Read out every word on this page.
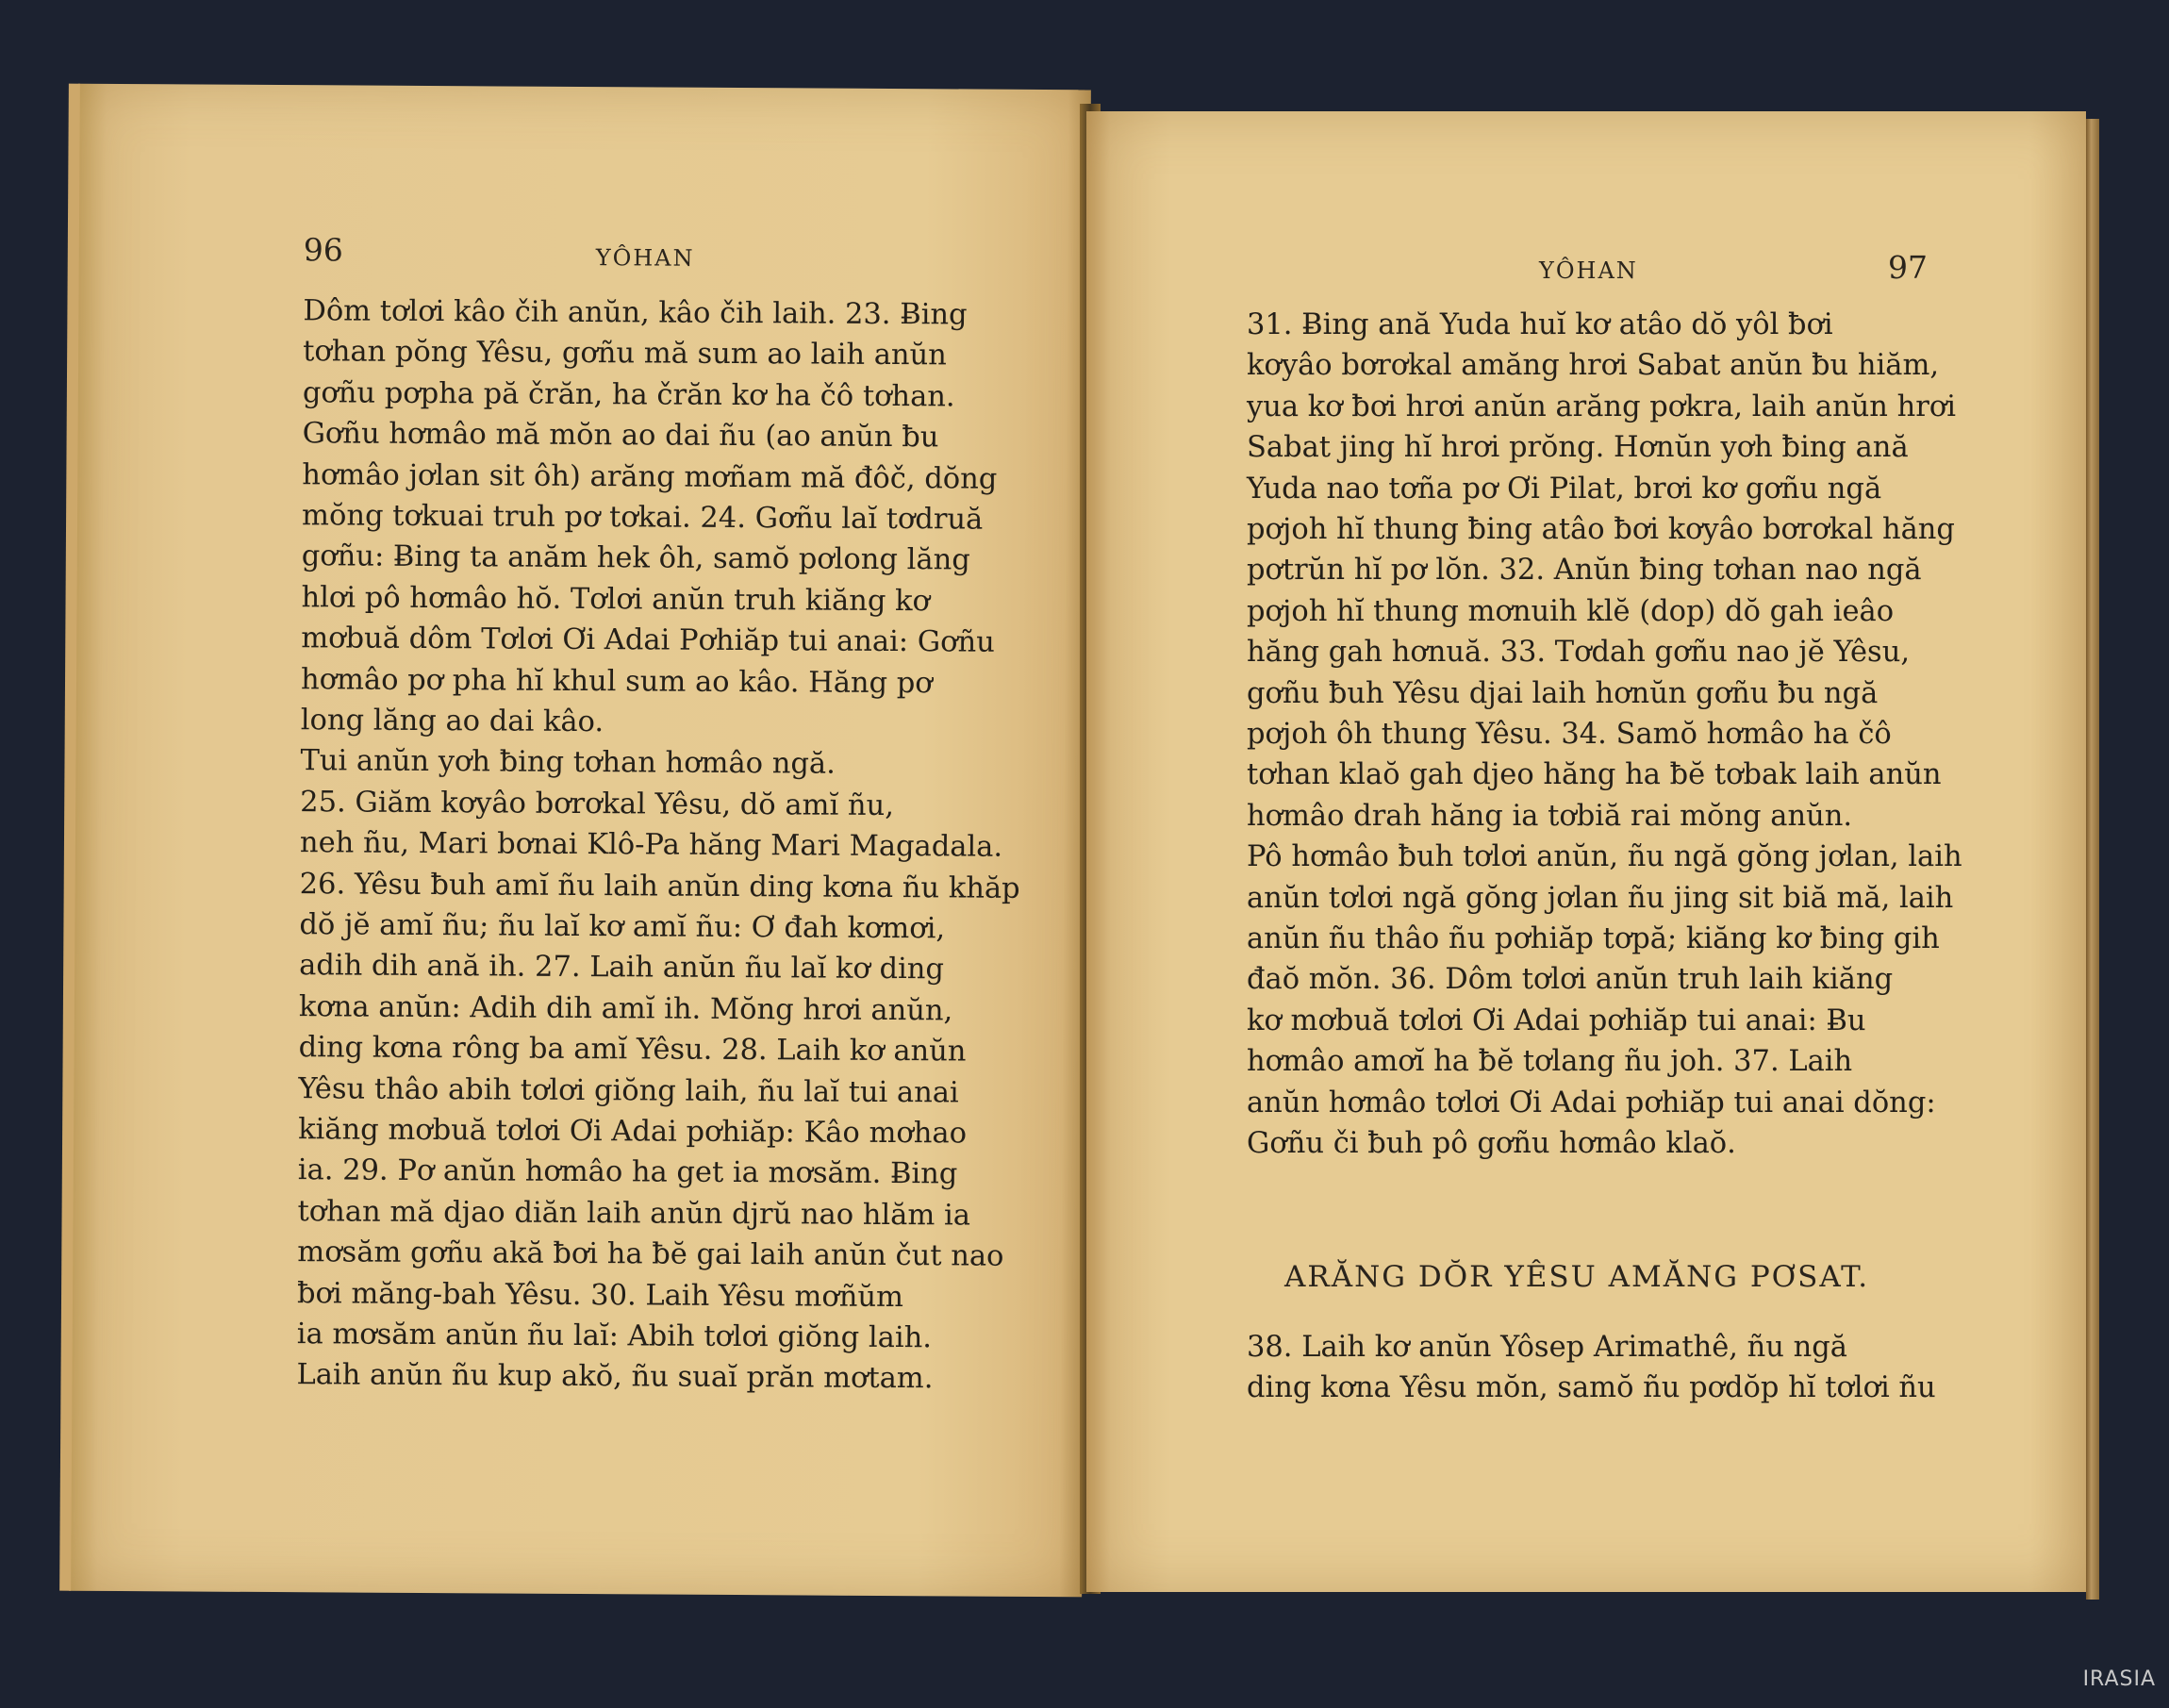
96	YÔHAN
Dôm tơlơi kâo čih anŭn, kâo čih laih. 23. Ƀing
tơhan pŏng Yêsu, gơñu mă sum ao laih anŭn
gơñu pơpha pă črăn, ha črăn kơ ha čô tơhan.
Gơñu hơmâo mă mŏn ao dai ñu (ao anŭn ƀu
hơmâo jơlan sit ôh) arăng mơñam mă đôč, dŏng
mŏng tơkuai truh pơ tơkai. 24. Gơñu laĭ tơdruă
gơñu: Ƀing ta anăm hek ôh, samŏ pơlong lăng
hlơi pô hơmâo hŏ. Tơlơi anŭn truh kiăng kơ
mơbuă dôm Tơlơi Ơi Adai Pơhiăp tui anai: Gơñu
hơmâo pơ pha hĭ khul sum ao kâo. Hăng pơ
long lăng ao dai kâo.
Tui anŭn yơh ƀing tơhan hơmâo ngă.
25. Giăm kơyâo bơrơkal Yêsu, dŏ amĭ ñu,
neh ñu, Mari bơnai Klô-Pa hăng Mari Magadala.
26. Yêsu ƀuh amĭ ñu laih anŭn ding kơna ñu khăp
dŏ jĕ amĭ ñu; ñu laĭ kơ amĭ ñu: Ơ đah kơmơi,
adih dih ană ih. 27. Laih anŭn ñu laĭ kơ ding
kơna anŭn: Adih dih amĭ ih. Mŏng hrơi anŭn,
ding kơna rông ba amĭ Yêsu. 28. Laih kơ anŭn
Yêsu thâo abih tơlơi giŏng laih, ñu laĭ tui anai
kiăng mơbuă tơlơi Ơi Adai pơhiăp: Kâo mơhao
ia. 29. Pơ anŭn hơmâo ha get ia mơsăm. Ƀing
tơhan mă djao diăn laih anŭn djrŭ nao hlăm ia
mơsăm gơñu akă ƀơi ha ƀĕ gai laih anŭn čut nao
ƀơi măng-bah Yêsu. 30. Laih Yêsu mơñŭm
ia mơsăm anŭn ñu laĭ: Abih tơlơi giŏng laih.
Laih anŭn ñu kup akŏ, ñu suaĭ prăn mơtam.
YÔHAN	97
31. Ƀing ană Yuda huĭ kơ atâo dŏ yôl ƀơi
kơyâo bơrơkal amăng hrơi Sabat anŭn ƀu hiăm,
yua kơ ƀơi hrơi anŭn arăng pơkra, laih anŭn hrơi
Sabat jing hĭ hrơi prŏng. Hơnŭn yơh ƀing ană
Yuda nao tơña pơ Ơi Pilat, brơi kơ gơñu ngă
pơjoh hĭ thung ƀing atâo ƀơi kơyâo bơrơkal hăng
pơtrŭn hĭ pơ lŏn. 32. Anŭn ƀing tơhan nao ngă
pơjoh hĭ thung mơnuih klĕ (dop) dŏ gah ieâo
hăng gah hơnuă. 33. Tơdah gơñu nao jĕ Yêsu,
gơñu ƀuh Yêsu djai laih hơnŭn gơñu ƀu ngă
pơjoh ôh thung Yêsu. 34. Samŏ hơmâo ha čô
tơhan klaŏ gah djeo hăng ha ƀĕ tơbak laih anŭn
hơmâo drah hăng ia tơbiă rai mŏng anŭn.
Pô hơmâo ƀuh tơlơi anŭn, ñu ngă gŏng jơlan, laih
anŭn tơlơi ngă gŏng jơlan ñu jing sit biă mă, laih
anŭn ñu thâo ñu pơhiăp tơpă; kiăng kơ ƀing gih
đaŏ mŏn. 36. Dôm tơlơi anŭn truh laih kiăng
kơ mơbuă tơlơi Ơi Adai pơhiăp tui anai: Ƀu
hơmâo amơĭ ha ƀĕ tơlang ñu joh. 37. Laih
anŭn hơmâo tơlơi Ơi Adai pơhiăp tui anai dŏng:
Gơñu či ƀuh pô gơñu hơmâo klaŏ.
ARĂNG DŎR YÊSU AMĂNG PƠSAT.
38. Laih kơ anŭn Yôsep Arimathê, ñu ngă
ding kơna Yêsu mŏn, samŏ ñu pơdŏp hĭ tơlơi ñu
IRASIA
